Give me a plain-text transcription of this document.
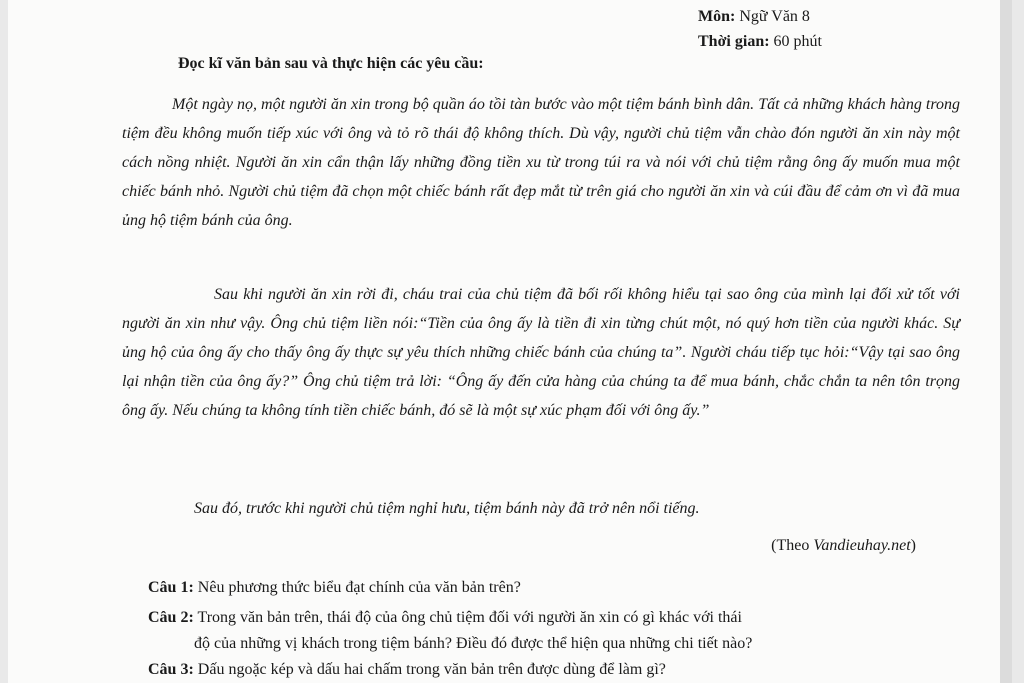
Môn: Ngữ Văn 8
Thời gian: 60 phút
Đọc kĩ văn bản sau và thực hiện các yêu cầu:
Một ngày nọ, một người ăn xin trong bộ quần áo tồi tàn bước vào một tiệm bánh bình dân. Tất cả những khách hàng trong tiệm đều không muốn tiếp xúc với ông và tỏ rõ thái độ không thích. Dù vậy, người chủ tiệm vẫn chào đón người ăn xin này một cách nồng nhiệt. Người ăn xin cẩn thận lấy những đồng tiền xu từ trong túi ra và nói với chủ tiệm rằng ông ấy muốn mua một chiếc bánh nhỏ. Người chủ tiệm đã chọn một chiếc bánh rất đẹp mắt từ trên giá cho người ăn xin và cúi đầu để cảm ơn vì đã mua ủng hộ tiệm bánh của ông.
Sau khi người ăn xin rời đi, cháu trai của chủ tiệm đã bối rối không hiểu tại sao ông của mình lại đối xử tốt với người ăn xin như vậy. Ông chủ tiệm liền nói:“Tiền của ông ấy là tiền đi xin từng chút một, nó quý hơn tiền của người khác. Sự ủng hộ của ông ấy cho thấy ông ấy thực sự yêu thích những chiếc bánh của chúng ta”. Người cháu tiếp tục hỏi:“Vậy tại sao ông lại nhận tiền của ông ấy?” Ông chủ tiệm trả lời: “Ông ấy đến cửa hàng của chúng ta để mua bánh, chắc chắn ta nên tôn trọng ông ấy. Nếu chúng ta không tính tiền chiếc bánh, đó sẽ là một sự xúc phạm đối với ông ấy.”
Sau đó, trước khi người chủ tiệm nghỉ hưu, tiệm bánh này đã trở nên nổi tiếng.
(Theo Vandieuhay.net)
Câu 1: Nêu phương thức biểu đạt chính của văn bản trên?
Câu 2: Trong văn bản trên, thái độ của ông chủ tiệm đối với người ăn xin có gì khác với thái
độ của những vị khách trong tiệm bánh? Điều đó được thể hiện qua những chi tiết nào?
Câu 3: Dấu ngoặc kép và dấu hai chấm trong văn bản trên được dùng để làm gì?
